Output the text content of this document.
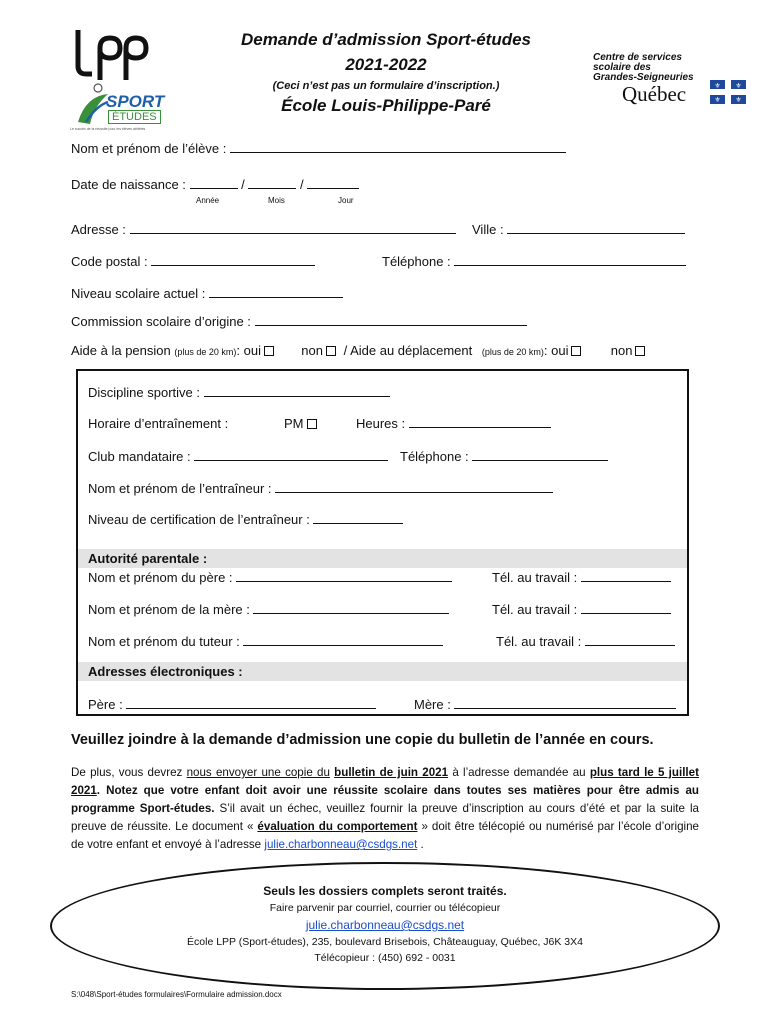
SPORT
ÉTUDES
Le succès de la réussite pour les élèves athlètes
Demande d’admission Sport-études
2021-2022
(Ceci n’est pas un formulaire d’inscription.)
École Louis-Philippe-Paré
Centre de services
scolaire des
Grandes-Seigneuries
Québec	⚜ ⚜
⚜ ⚜
Nom et prénom de l’élève :
Date de naissance :	/	/
Année	Mois	Jour
Adresse :	Ville :
Code postal :	Téléphone :
Niveau scolaire actuel :
Commission scolaire d’origine :
Aide à la pension (plus de 20 km): oui	non / Aide au déplacement (plus de 20 km): oui	non
Discipline sportive :
Horaire d’entraînement :	PM	Heures :
Club mandataire :	Téléphone :
Nom et prénom de l’entraîneur :
Niveau de certification de l’entraîneur :
Autorité parentale :
Nom et prénom du père :	Tél. au travail :
Nom et prénom de la mère :	Tél. au travail :
Nom et prénom du tuteur :	Tél. au travail :
Adresses électroniques :
Père :	Mère :
Veuillez joindre à la demande d’admission une copie du bulletin de l’année en cours.
De plus, vous devrez nous envoyer une copie du bulletin de juin 2021 à l’adresse demandée au plus tard le 5 juillet 2021. Notez que votre enfant doit avoir une réussite scolaire dans toutes ses matières pour être admis au programme Sport-études. S’il avait un échec, veuillez fournir la preuve d’inscription au cours d’été et par la suite la preuve de réussite. Le document « évaluation du comportement » doit être télécopié ou numérisé par l’école d’origine de votre enfant et envoyé à l’adresse julie.charbonneau@csdgs.net .
Seuls les dossiers complets seront traités.
Faire parvenir par courriel, courrier ou télécopieur
julie.charbonneau@csdgs.net
École LPP (Sport-études), 235, boulevard Brisebois, Châteauguay, Québec, J6K 3X4
Télécopieur : (450) 692 - 0031
S:\048\Sport-études formulaires\Formulaire admission.docx
